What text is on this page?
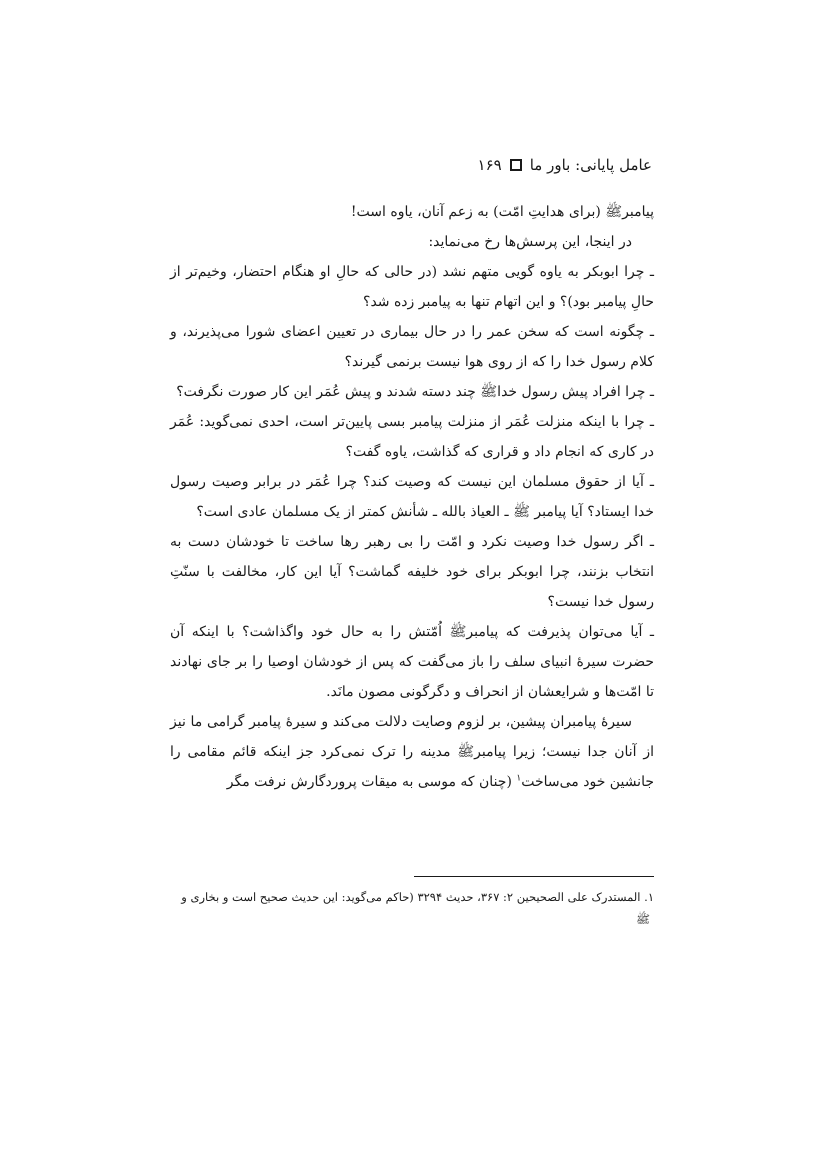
عامل پایانی: باور ما
۱۶۹

پیامبرﷺ (برای هدایتِ امّت) به زعم آنان، یاوه است!

در اینجا، این پرسش‌ها رخ می‌نماید:

ـ چرا ابوبکر به یاوه گویی متهم نشد (در حالی که حالِ او هنگام احتضار، وخیم‌تر از حالِ پیامبر بود)؟ و این اتهام تنها به پیامبر زده شد؟

ـ چگونه است که سخن عمر را در حال بیماری در تعیین اعضای شورا می‌پذیرند، و کلام رسول خدا را که از روی هوا نیست برنمی گیرند؟

ـ چرا افراد پیش رسول خداﷺ چند دسته شدند و پیش عُمَر این کار صورت نگرفت؟

ـ چرا با اینکه منزلت عُمَر از منزلت پیامبر بسی پایین‌تر است، احدی نمی‌گوید: عُمَر در کاری که انجام داد و قراری که گذاشت، یاوه گفت؟

ـ آیا از حقوق مسلمان این نیست که وصیت کند؟ چرا عُمَر در برابر وصیت رسول خدا ایستاد؟ آیا پیامبر ﷺ ـ العیاذ بالله ـ شأنش کمتر از یک مسلمان عادی است؟

ـ اگر رسول خدا وصیت نکرد و امّت را بی رهبر رها ساخت تا خودشان دست به انتخاب بزنند، چرا ابوبکر برای خود خلیفه گماشت؟ آیا این کار، مخالفت با سنّتِ رسول خدا نیست؟

ـ آیا می‌توان پذیرفت که پیامبرﷺ اُمّتش را به حال خود واگذاشت؟ با اینکه آن حضرت سیرهٔ انبیای سلف را باز می‌گفت که پس از خودشان اوصیا را بر جای نهادند تا امّت‌ها و شرایعشان از انحراف و دگرگونی مصون مانَد.

سیرهٔ پیامبران پیشین، بر لزوم وصایت دلالت می‌کند و سیرهٔ پیامبر گرامی ما نیز از آنان جدا نیست؛ زیرا پیامبرﷺ مدینه را ترک نمی‌کرد جز اینکه قائم مقامی را جانشین خود می‌ساخت$^۱$ (چنان که موسی به میقات پروردگارش نرفت مگر

۱. المستدرک علی الصحیحین ۲: ۳۶۷، حدیث ۳۲۹۴ (حاکم می‌گوید: این حدیث صحیح است و بخاری و
ﷺ
